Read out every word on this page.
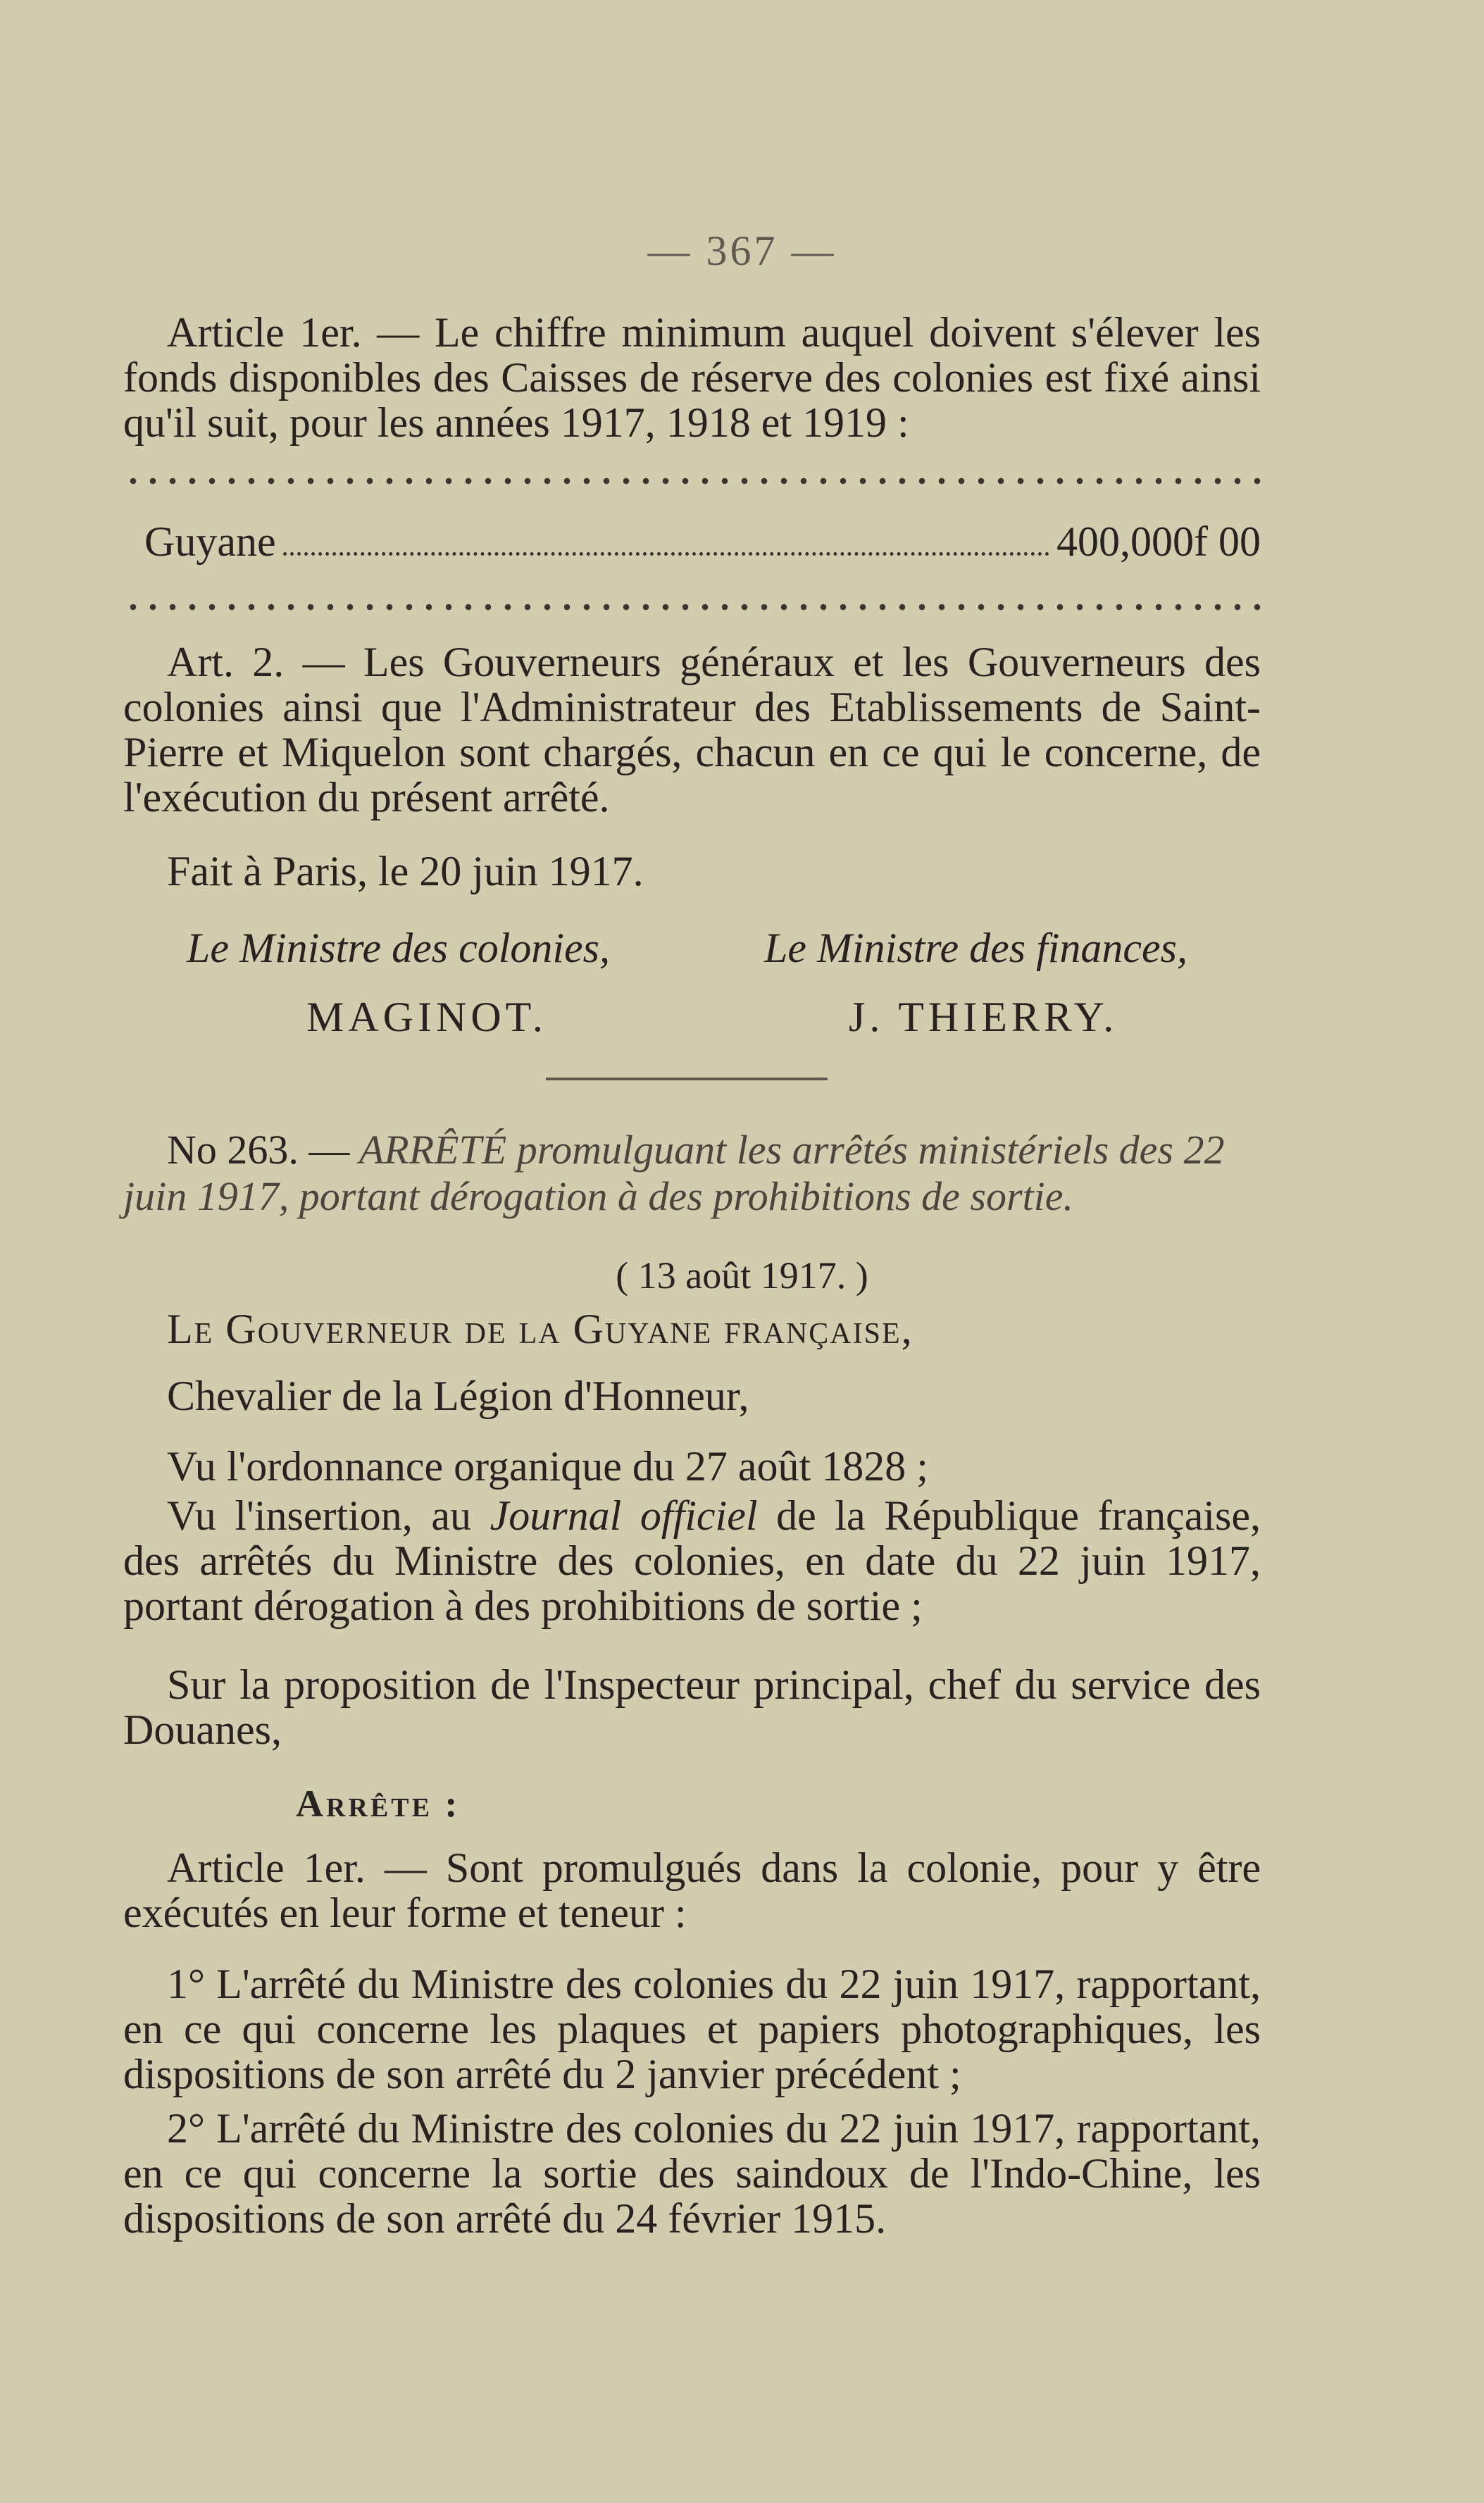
— 367 —
Article 1er. — Le chiffre minimum auquel doivent s'élever les fonds disponibles des Caisses de réserve des colonies est fixé ainsi qu'il suit, pour les années 1917, 1918 et 1919 :
Guyane	400,000f 00
Art. 2. — Les Gouverneurs généraux et les Gouverneurs des colonies ainsi que l'Administrateur des Etablissements de Saint-Pierre et Miquelon sont chargés, chacun en ce qui le concerne, de l'exécution du présent arrêté.
Fait à Paris, le 20 juin 1917.
Le Ministre des colonies,
MAGINOT.
Le Ministre des finances,
J. THIERRY.
No 263. — ARRÊTÉ promulguant les arrêtés ministériels des 22 juin 1917, portant dérogation à des prohibitions de sortie.
( 13 août 1917. )
Le Gouverneur de la Guyane française,
Chevalier de la Légion d'Honneur,
Vu l'ordonnance organique du 27 août 1828 ;
Vu l'insertion, au Journal officiel de la République française, des arrêtés du Ministre des colonies, en date du 22 juin 1917, portant dérogation à des prohibitions de sortie ;
Sur la proposition de l'Inspecteur principal, chef du service des Douanes,
Arrête :
Article 1er. — Sont promulgués dans la colonie, pour y être exécutés en leur forme et teneur :
1° L'arrêté du Ministre des colonies du 22 juin 1917, rapportant, en ce qui concerne les plaques et papiers photographiques, les dispositions de son arrêté du 2 janvier précédent ;
2° L'arrêté du Ministre des colonies du 22 juin 1917, rapportant, en ce qui concerne la sortie des saindoux de l'Indo-Chine, les dispositions de son arrêté du 24 février 1915.
